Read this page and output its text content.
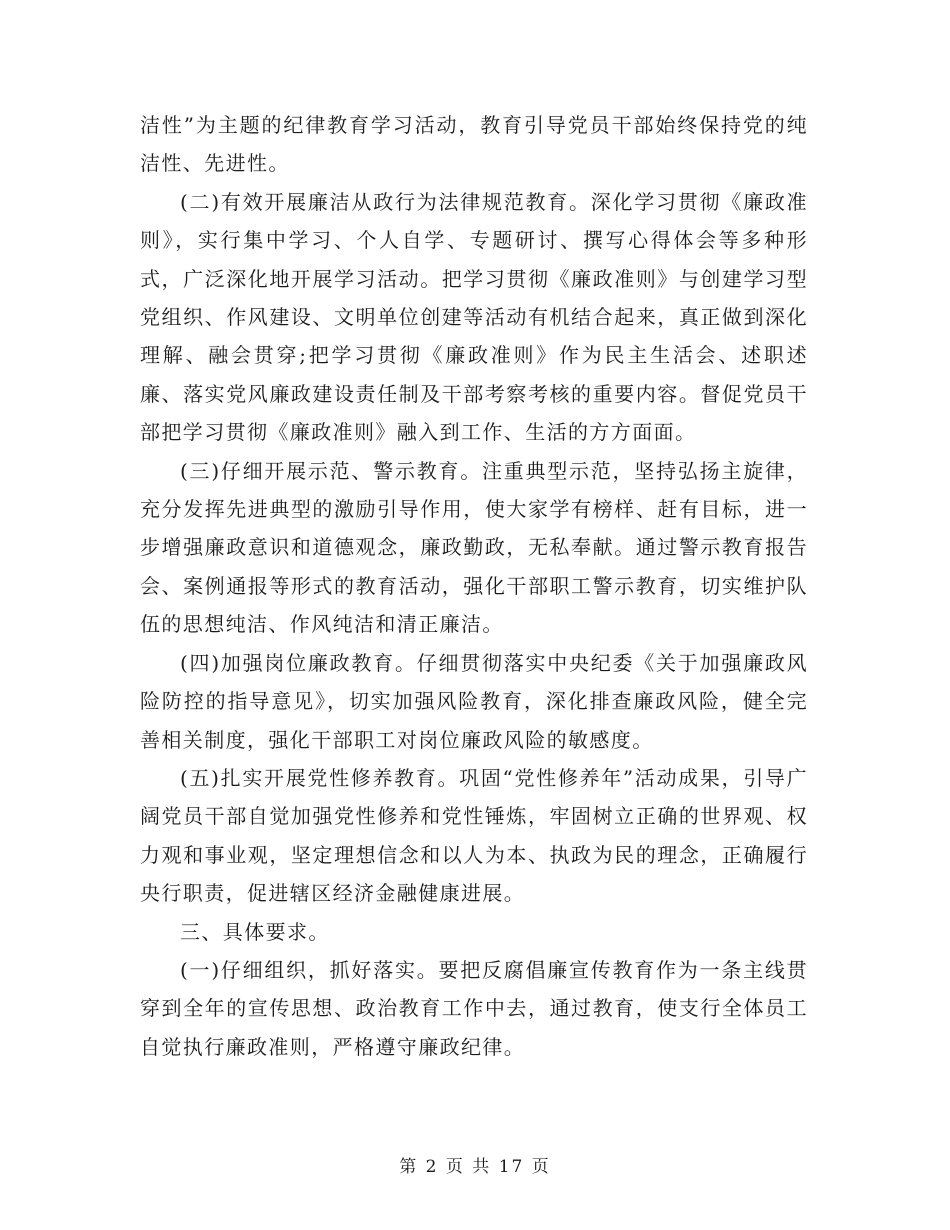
洁性”为主题的纪律教育学习活动，教育引导党员干部始终保持党的纯洁性、先进性。

(二)有效开展廉洁从政行为法律规范教育。深化学习贯彻《廉政准则》，实行集中学习、个人自学、专题研讨、撰写心得体会等多种形式，广泛深化地开展学习活动。把学习贯彻《廉政准则》与创建学习型党组织、作风建设、文明单位创建等活动有机结合起来，真正做到深化理解、融会贯穿;把学习贯彻《廉政准则》作为民主生活会、述职述廉、落实党风廉政建设责任制及干部考察考核的重要内容。督促党员干部把学习贯彻《廉政准则》融入到工作、生活的方方面面。

(三)仔细开展示范、警示教育。注重典型示范，坚持弘扬主旋律，充分发挥先进典型的激励引导作用，使大家学有榜样、赶有目标，进一步增强廉政意识和道德观念，廉政勤政，无私奉献。通过警示教育报告会、案例通报等形式的教育活动，强化干部职工警示教育，切实维护队伍的思想纯洁、作风纯洁和清正廉洁。

(四)加强岗位廉政教育。仔细贯彻落实中央纪委《关于加强廉政风险防控的指导意见》，切实加强风险教育，深化排查廉政风险，健全完善相关制度，强化干部职工对岗位廉政风险的敏感度。

(五)扎实开展党性修养教育。巩固“党性修养年”活动成果，引导广阔党员干部自觉加强党性修养和党性锤炼，牢固树立正确的世界观、权力观和事业观，坚定理想信念和以人为本、执政为民的理念，正确履行央行职责，促进辖区经济金融健康进展。

三、具体要求。

(一)仔细组织，抓好落实。要把反腐倡廉宣传教育作为一条主线贯穿到全年的宣传思想、政治教育工作中去，通过教育，使支行全体员工自觉执行廉政准则，严格遵守廉政纪律。

第 2 页 共 17 页
